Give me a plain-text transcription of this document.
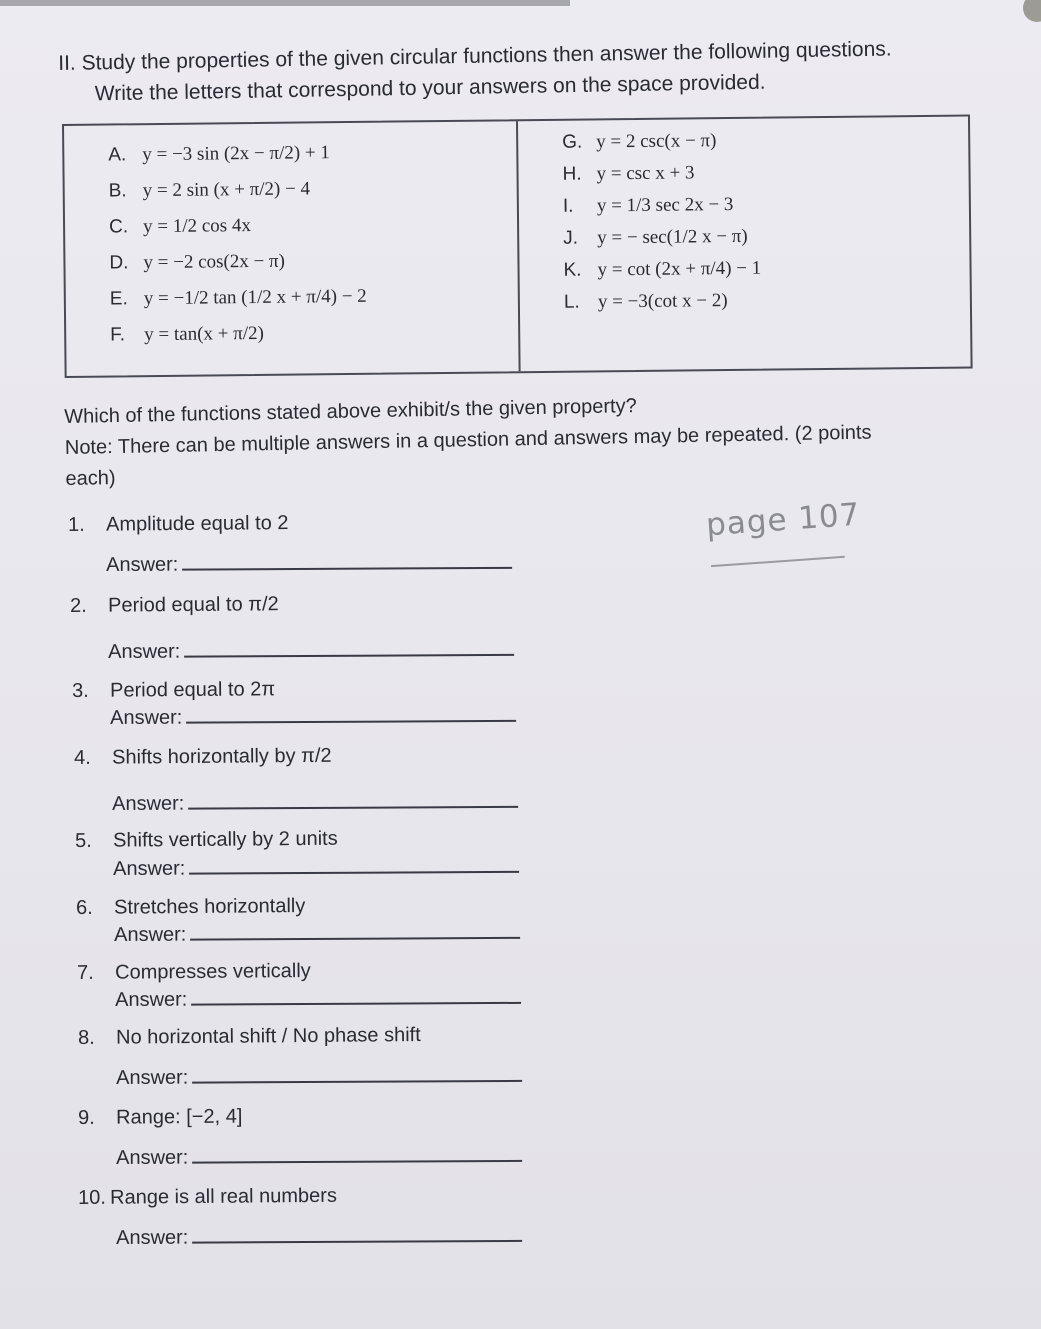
II. Study the properties of the given circular functions then answer the following questions.
Write the letters that correspond to your answers on the space provided.
A. y = −3 sin (2x − π/2) + 1
B. y = 2 sin (x + π/2) − 4
C. y = 1/2 cos 4x
D. y = −2 cos(2x − π)
E. y = −1/2 tan (1/2 x + π/4) − 2
F. y = tan(x + π/2)
G. y = 2 csc(x − π)
H. y = csc x + 3
I. y = 1/3 sec 2x − 3
J. y = − sec(1/2 x − π)
K. y = cot (2x + π/4) − 1
L. y = −3(cot x − 2)
Which of the functions stated above exhibit/s the given property?
Note: There can be multiple answers in a question and answers may be repeated. (2 points
each)
page 107
1. Amplitude equal to 2
Answer:
2. Period equal to π/2
Answer:
3. Period equal to 2π
Answer:
4. Shifts horizontally by π/2
Answer:
5. Shifts vertically by 2 units
Answer:
6. Stretches horizontally
Answer:
7. Compresses vertically
Answer:
8. No horizontal shift / No phase shift
Answer:
9. Range: [−2, 4]
Answer:
10. Range is all real numbers
Answer:
